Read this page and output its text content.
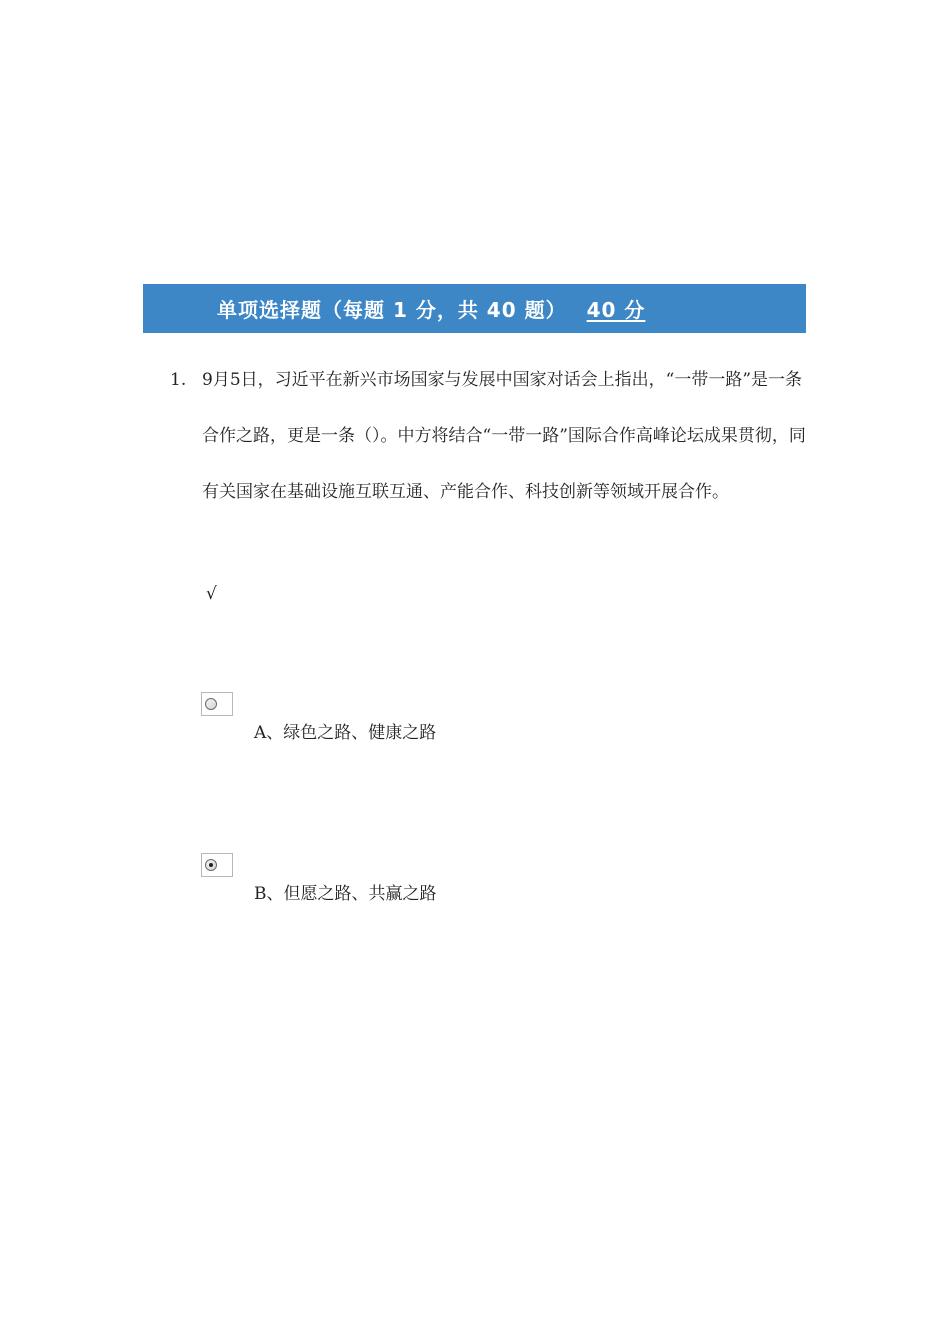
单项选择题（每题 1 分，共 40 题） 40 分
1. 9月5日，习近平在新兴市场国家与发展中国家对话会上指出，“一带一路”是一条合作之路，更是一条（）。中方将结合“一带一路”国际合作高峰论坛成果贯彻，同有关国家在基础设施互联互通、产能合作、科技创新等领域开展合作。
√
A、绿色之路、健康之路
B、但愿之路、共赢之路
